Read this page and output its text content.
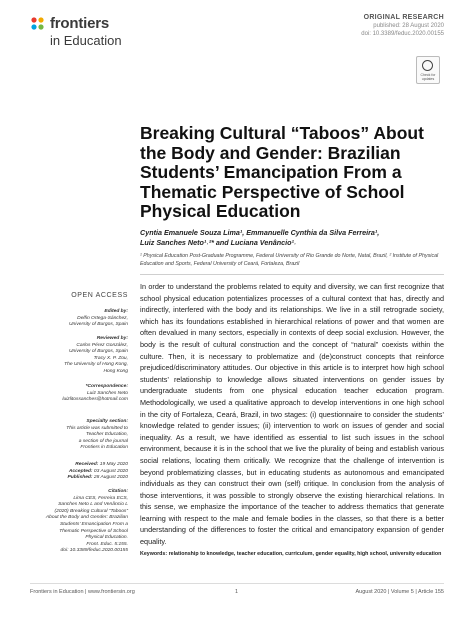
frontiers
in Education
ORIGINAL RESEARCH
published: 28 August 2020
doi: 10.3389/feduc.2020.00155
Check for updates
Breaking Cultural “Taboos” About the Body and Gender: Brazilian Students’ Emancipation From a Thematic Perspective of School Physical Education
Cyntia Emanuele Souza Lima¹, Emmanuelle Cynthia da Silva Ferreira¹,
Luiz Sanches Neto¹˒²* and Luciana Venâncio¹˒
¹ Physical Education Post-Graduate Programme, Federal University of Rio Grande do Norte, Natal, Brazil, ² Institute of Physical Education and Sports, Federal University of Ceará, Fortaleza, Brazil
OPEN ACCESS
Edited by:
Delfin Ortega-Sánchez,
University of Burgos, Spain
Reviewed by:
Carlos Pérez González,
University of Burgos, Spain
Tracy X. P. Zou,
The University of Hong Kong,
Hong Kong
*Correspondence:
Luiz Sanches Neto
luizlitossanches@hotmail.com
Specialty section:
This article was submitted to
Teacher Education,
a section of the journal
Frontiers in Education
Received: 19 May 2020
Accepted: 03 August 2020
Published: 28 August 2020
Citation:
Lima CES, Ferreira ECS,
Sanches Neto L and Venâncio L
(2020) Breaking Cultural “Taboos”
About the Body and Gender: Brazilian
Students’ Emancipation From a
Thematic Perspective of School
Physical Education.
Front. Educ. 5:155.
doi: 10.3389/feduc.2020.00155
In order to understand the problems related to equity and diversity, we can first recognize that school physical education potentializes processes of a cultural context that has, directly and indirectly, interfered with the body and its relationships. We live in a still retrograde society, which has its foundations established in hierarchical relations of power and that women are often devalued in many sectors, especially in contexts of deep social exclusion. However, the body is the result of cultural construction and the concept of “natural” coexists within the culture. Then, it is necessary to problematize and (de)construct concepts that reinforce prejudiced/discriminatory attitudes. Our objective in this article is to interpret how high school students’ relationship to knowledge allows situated interventions on gender issues by undergraduate students from one physical education teacher education program. Methodologically, we used a qualitative approach to develop interventions in one high school in the city of Fortaleza, Ceará, Brazil, in two stages: (i) questionnaire to consider the students’ knowledge related to gender issues; (ii) intervention to work on issues of gender and social inequality. As a result, we have identified as essential to list such issues in the school environment, because it is in the school that we live the plurality of being and establish various social relations, locating them critically. We recognize that the challenge of intervention is beyond problematizing classes, but in educating students as autonomous and emancipated individuals as they can construct their own (self) critique. In conclusion from the analysis of those interventions, it was possible to strongly observe the existing hierarchical relations. In this sense, we emphasize the importance of the teacher to address thematics that generate learning with respect to the male and female bodies in the classes, so that there is a better understanding of the differences to foster the critical and emancipatory expansion of gender equality.
Keywords: relationship to knowledge, teacher education, curriculum, gender equality, high school, university education
Frontiers in Education | www.frontiersin.org	1	August 2020 | Volume 5 | Article 155
